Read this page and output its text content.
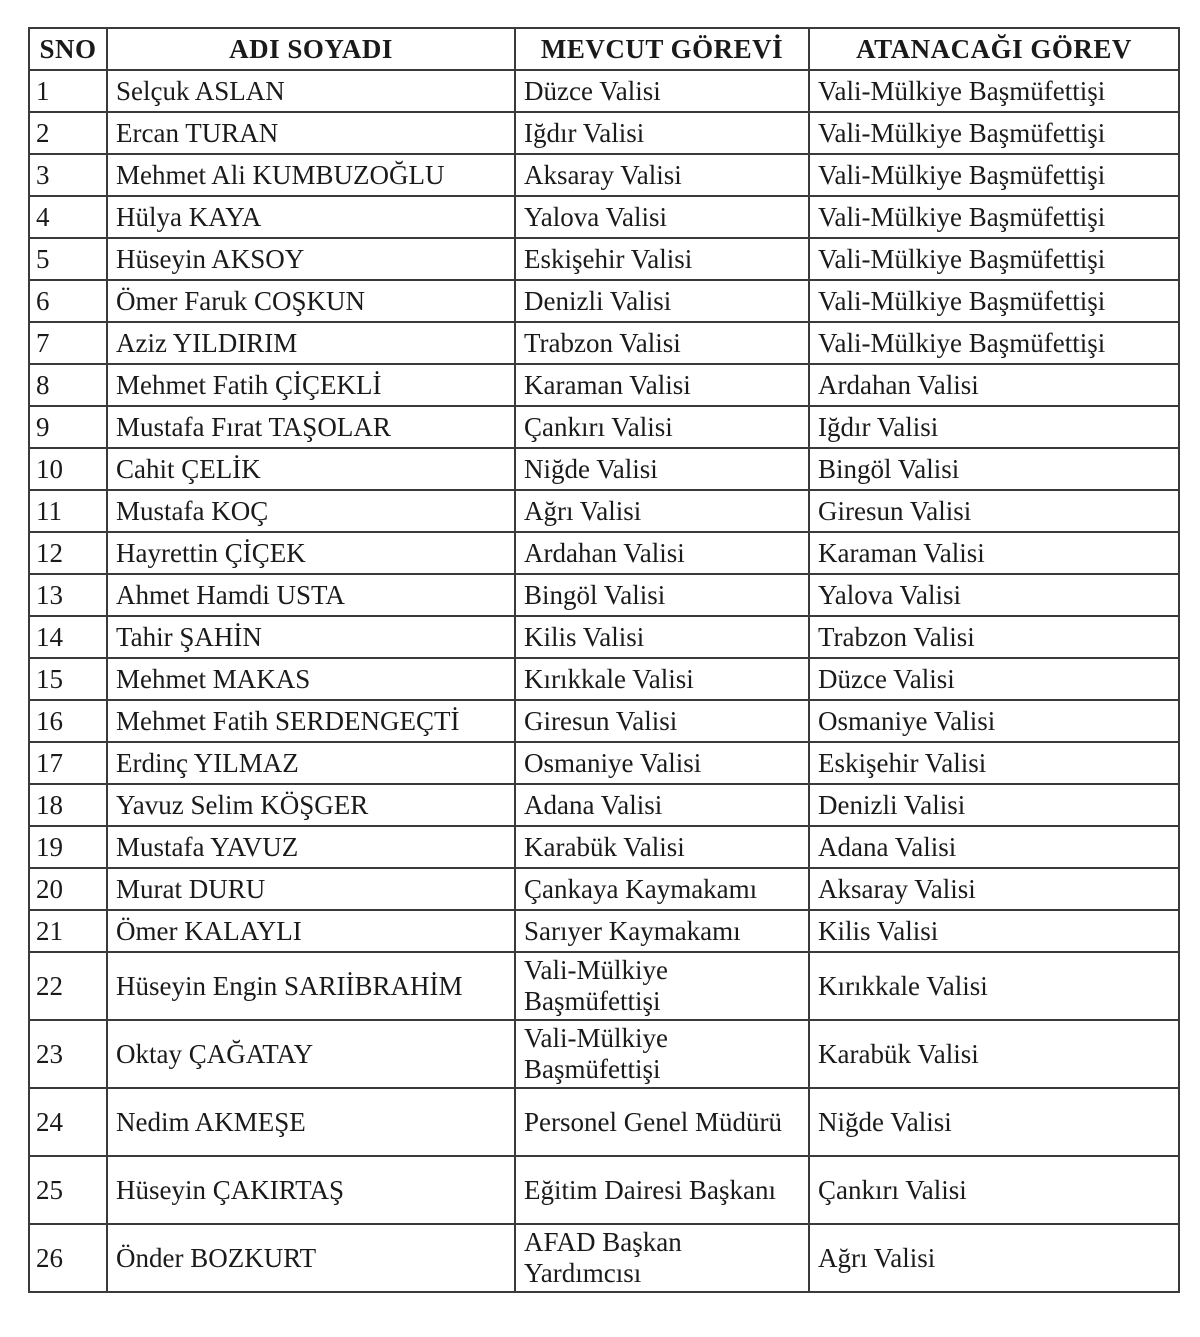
SNO	ADI SOYADI	MEVCUT GÖREVİ	ATANACAĞI GÖREV
1	Selçuk ASLAN	Düzce Valisi	Vali-Mülkiye Başmüfettişi
2	Ercan TURAN	Iğdır Valisi	Vali-Mülkiye Başmüfettişi
3	Mehmet Ali KUMBUZOĞLU	Aksaray Valisi	Vali-Mülkiye Başmüfettişi
4	Hülya KAYA	Yalova Valisi	Vali-Mülkiye Başmüfettişi
5	Hüseyin AKSOY	Eskişehir Valisi	Vali-Mülkiye Başmüfettişi
6	Ömer Faruk COŞKUN	Denizli Valisi	Vali-Mülkiye Başmüfettişi
7	Aziz YILDIRIM	Trabzon Valisi	Vali-Mülkiye Başmüfettişi
8	Mehmet Fatih ÇİÇEKLİ	Karaman Valisi	Ardahan Valisi
9	Mustafa Fırat TAŞOLAR	Çankırı Valisi	Iğdır Valisi
10	Cahit ÇELİK	Niğde Valisi	Bingöl Valisi
11	Mustafa KOÇ	Ağrı Valisi	Giresun Valisi
12	Hayrettin ÇİÇEK	Ardahan Valisi	Karaman Valisi
13	Ahmet Hamdi USTA	Bingöl Valisi	Yalova Valisi
14	Tahir ŞAHİN	Kilis Valisi	Trabzon Valisi
15	Mehmet MAKAS	Kırıkkale Valisi	Düzce Valisi
16	Mehmet Fatih SERDENGEÇTİ	Giresun Valisi	Osmaniye Valisi
17	Erdinç YILMAZ	Osmaniye Valisi	Eskişehir Valisi
18	Yavuz Selim KÖŞGER	Adana Valisi	Denizli Valisi
19	Mustafa YAVUZ	Karabük Valisi	Adana Valisi
20	Murat DURU	Çankaya Kaymakamı	Aksaray Valisi
21	Ömer KALAYLI	Sarıyer Kaymakamı	Kilis Valisi
22	Hüseyin Engin SARIİBRAHİM	Vali-Mülkiye Başmüfettişi	Kırıkkale Valisi
23	Oktay ÇAĞATAY	Vali-Mülkiye Başmüfettişi	Karabük Valisi
24	Nedim AKMEŞE	Personel Genel Müdürü	Niğde Valisi
25	Hüseyin ÇAKIRTAŞ	Eğitim Dairesi Başkanı	Çankırı Valisi
26	Önder BOZKURT	AFAD Başkan Yardımcısı	Ağrı Valisi
